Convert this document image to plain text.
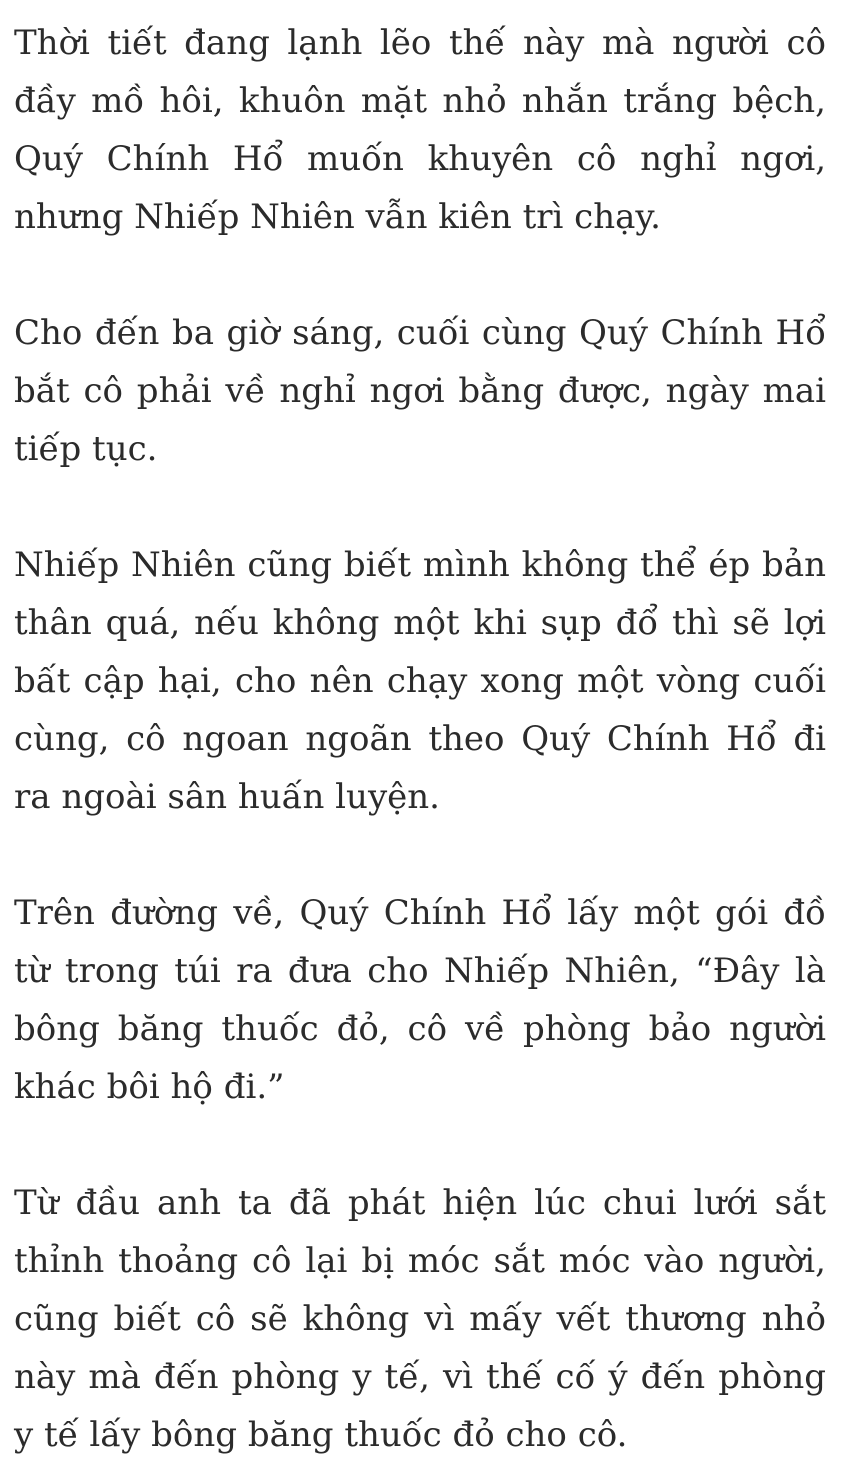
Thời tiết đang lạnh lẽo thế này mà người cô đầy mồ hôi, khuôn mặt nhỏ nhắn trắng bệch, Quý Chính Hổ muốn khuyên cô nghỉ ngơi, nhưng Nhiếp Nhiên vẫn kiên trì chạy.

Cho đến ba giờ sáng, cuối cùng Quý Chính Hổ bắt cô phải về nghỉ ngơi bằng được, ngày mai tiếp tục.

Nhiếp Nhiên cũng biết mình không thể ép bản thân quá, nếu không một khi sụp đổ thì sẽ lợi bất cập hại, cho nên chạy xong một vòng cuối cùng, cô ngoan ngoãn theo Quý Chính Hổ đi ra ngoài sân huấn luyện.

Trên đường về, Quý Chính Hổ lấy một gói đồ từ trong túi ra đưa cho Nhiếp Nhiên, “Đây là bông băng thuốc đỏ, cô về phòng bảo người khác bôi hộ đi.”

Từ đầu anh ta đã phát hiện lúc chui lưới sắt thỉnh thoảng cô lại bị móc sắt móc vào người, cũng biết cô sẽ không vì mấy vết thương nhỏ này mà đến phòng y tế, vì thế cố ý đến phòng y tế lấy bông băng thuốc đỏ cho cô.
